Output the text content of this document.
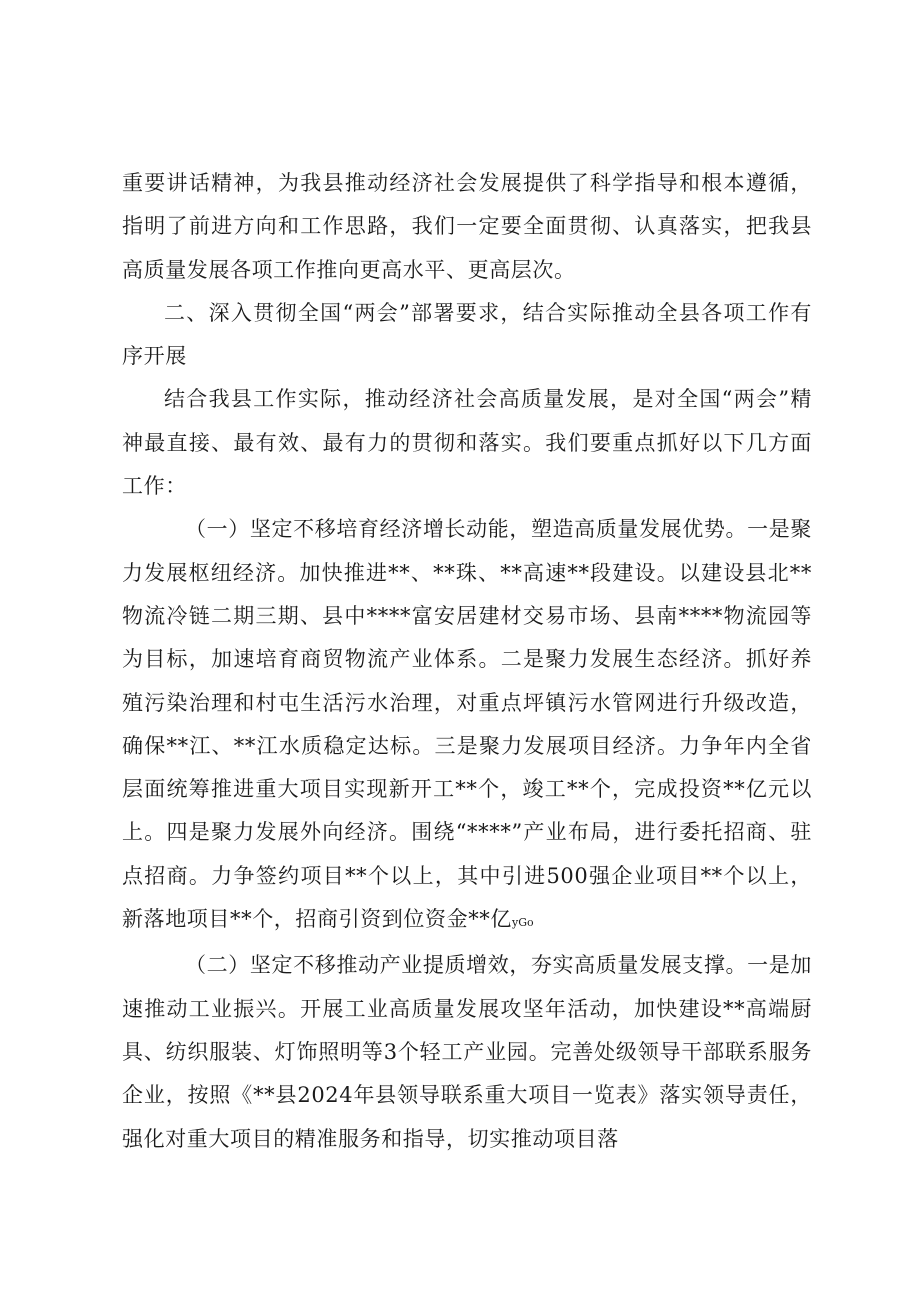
重要讲话精神，为我县推动经济社会发展提供了科学指导和根本遵循，指明了前进方向和工作思路，我们一定要全面贯彻、认真落实，把我县高质量发展各项工作推向更高水平、更高层次。

二、深入贯彻全国“两会”部署要求，结合实际推动全县各项工作有序开展

结合我县工作实际，推动经济社会高质量发展，是对全国“两会”精神最直接、最有效、最有力的贯彻和落实。我们要重点抓好以下几方面工作：

（一）坚定不移培育经济增长动能，塑造高质量发展优势。一是聚力发展枢纽经济。加快推进**、**珠、**高速**段建设。以建设县北**物流冷链二期三期、县中****富安居建材交易市场、县南****物流园等为目标，加速培育商贸物流产业体系。二是聚力发展生态经济。抓好养殖污染治理和村屯生活污水治理，对重点坪镇污水管网进行升级改造，确保**江、**江水质稳定达标。三是聚力发展项目经济。力争年内全省层面统筹推进重大项目实现新开工**个，竣工**个，完成投资**亿元以上。四是聚力发展外向经济。围绕“****”产业布局，进行委托招商、驻点招商。力争签约项目**个以上，其中引进500强企业项目**个以上，新落地项目**个，招商引资到位资金**亿yGo

（二）坚定不移推动产业提质增效，夯实高质量发展支撑。一是加速推动工业振兴。开展工业高质量发展攻坚年活动，加快建设**高端厨具、纺织服装、灯饰照明等3个轻工产业园。完善处级领导干部联系服务企业，按照《**县2024年县领导联系重大项目一览表》落实领导责任，强化对重大项目的精准服务和指导，切实推动项目落
